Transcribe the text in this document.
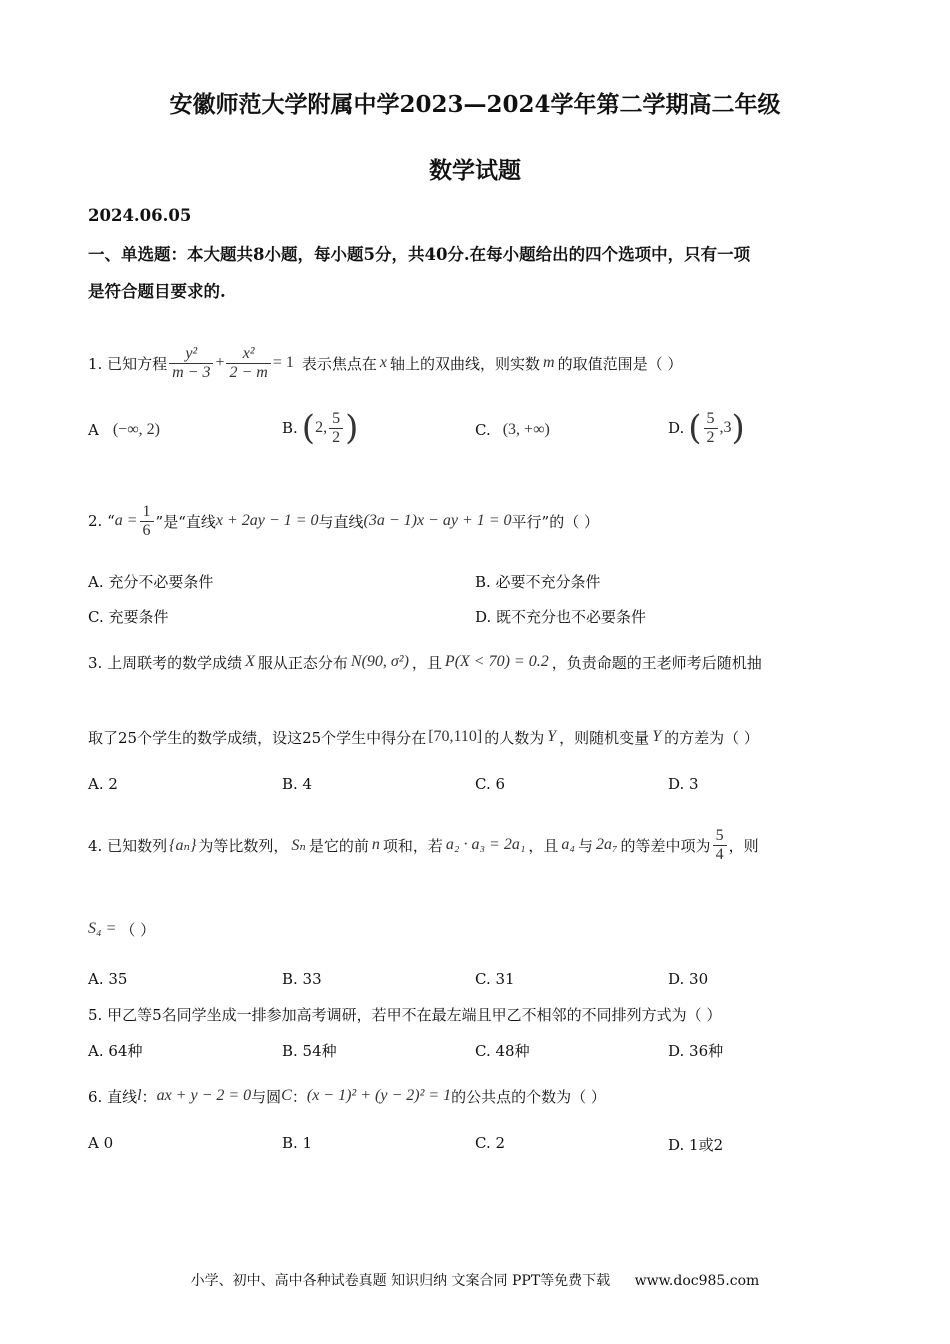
安徽师范大学附属中学2023—2024学年第二学期高二年级
数学试题
2024.06.05
一、单选题：本大题共8小题，每小题5分，共40分.在每小题给出的四个选项中，只有一项
是符合题目要求的.
1. 已知方程 $\frac{\text{y²}}{m - 3} + \frac{\text{x²}}{2 - m} = 1$ 表示焦点在 x 轴上的双曲线，则实数 m 的取值范围是（ ）
A (−∞, 2)	B. ( 2, $\frac{5}{2}$ )	C. (3, +∞)	D. ( $\frac{5}{2} ,3$ )
2. “ $a = \frac{1}{6}$ ”是“直线 x + 2ay − 1 = 0 与直线 (3a − 1)x − ay + 1 = 0 平行”的（ ）
A. 充分不必要条件	B. 必要不充分条件
C. 充要条件	D. 既不充分也不必要条件
3. 上周联考的数学成绩 X 服从正态分布 N(90, σ²) ，且 P(X < 70) = 0.2 ，负责命题的王老师考后随机抽
取了25个学生的数学成绩，设这25个学生中得分在 [70,110] 的人数为 Y ，则随机变量 Y 的方差为（ ）
A. 2	B. 4	C. 6	D. 3
4. 已知数列 {aₙ} 为等比数列， Sₙ 是它的前 n 项和，若 a₂ · a₃ = 2a₁ ，且 a₄ 与 2a₇ 的等差中项为 $\frac{5}{4}$ ，则
S₄ = （ ）
A. 35	B. 33	C. 31	D. 30
5. 甲乙等5名同学坐成一排参加高考调研，若甲不在最左端且甲乙不相邻的不同排列方式为（ ）
A. 64种	B. 54种	C. 48种	D. 36种
6. 直线 l ： ax + y − 2 = 0 与圆 C ： (x − 1)² + (y − 2)² = 1 的公共点的个数为（ ）
A 0	B. 1	C. 2	D. 1或2
小学、初中、高中各种试卷真题 知识归纳 文案合同 PPT等免费下载 www.doc985.com
